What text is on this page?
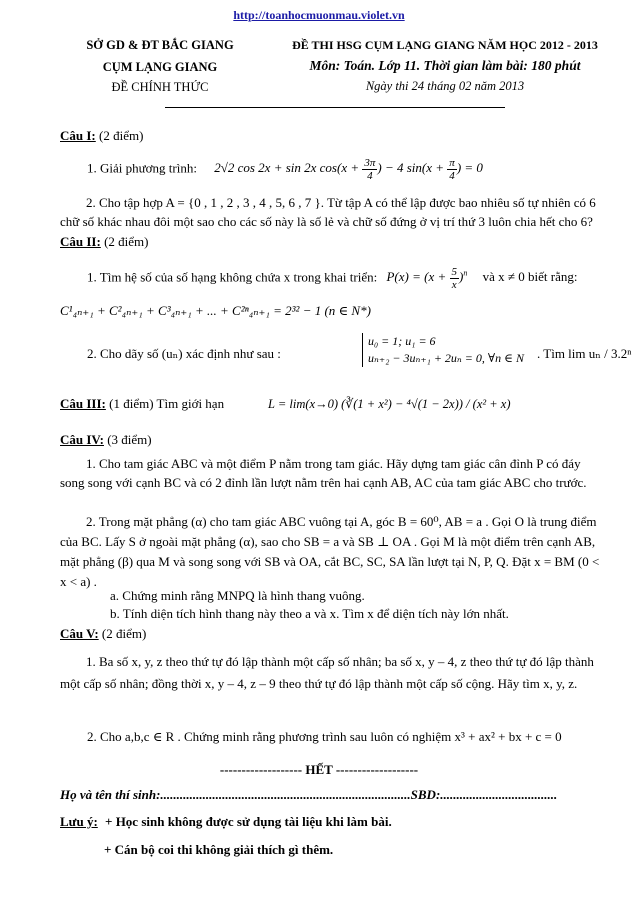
http://toanhocmuonmau.violet.vn
SỞ GD & ĐT BẮC GIANG
CỤM LẠNG GIANG
ĐỀ CHÍNH THỨC
ĐỀ THI HSG CỤM LẠNG GIANG NĂM HỌC 2012 - 2013
Môn: Toán. Lớp 11. Thời gian làm bài: 180 phút
Ngày thi 24 tháng 02 năm 2013
Câu I: (2 điểm)
1. Giải phương trình: 2√2 cos 2x + sin 2x $\cos(x + \frac{3\pi}{4}$ ) − 4 $\sin(x + \frac{\pi}{4}$ ) = 0
2. Cho tập hợp A = {0 , 1 , 2 , 3 , 4 , 5, 6 , 7 }. Từ tập A có thể lập được bao nhiêu số tự nhiên có 6 chữ số khác nhau đôi một sao cho các số này là số lẻ và chữ số đứng ở vị trí thứ 3 luôn chia hết cho 6?
Câu II: (2 điểm)
1. Tìm hệ số của số hạng không chứa x trong khai triển: $P(x) = (x + \frac{5}{x} )^n$ và x ≠ 0 biết rằng:
C¹₄ₙ₊₁ + C²₄ₙ₊₁ + C³₄ₙ₊₁ + ... + C²ⁿ₄ₙ₊₁ = 2³² − 1 (n ∈ N*)
2. Cho dãy số (uₙ) xác định như sau :
u₀ = 1; u₁ = 6
uₙ₊₂ − 3uₙ₊₁ + 2uₙ = 0, ∀n ∈ N . Tìm lim uₙ / 3.2ⁿ
Câu III: (1 điểm) Tìm giới hạn	L = lim(x→0) (∛(1 + x²) − ⁴√(1 − 2x)) / (x² + x)
Câu IV: (3 điểm)
1. Cho tam giác ABC và một điểm P nằm trong tam giác. Hãy dựng tam giác cân đỉnh P có đáy song song với cạnh BC và có 2 đỉnh lần lượt nằm trên hai cạnh AB, AC của tam giác ABC cho trước.
2. Trong mặt phẳng (α) cho tam giác ABC vuông tại A, góc B = 60⁰, AB = a . Gọi O là trung điểm của BC. Lấy S ở ngoài mặt phẳng (α), sao cho SB = a và SB ⊥ OA . Gọi M là một điểm trên cạnh AB, mặt phẳng (β) qua M và song song với SB và OA, cắt BC, SC, SA lần lượt tại N, P, Q. Đặt x = BM (0 < x < a) .
a. Chứng minh rằng MNPQ là hình thang vuông.
b. Tính diện tích hình thang này theo a và x. Tìm x để diện tích này lớn nhất.
Câu V: (2 điểm)
1. Ba số x, y, z theo thứ tự đó lập thành một cấp số nhân; ba số x, y – 4, z theo thứ tự đó lập thành một cấp số nhân; đồng thời x, y – 4, z – 9 theo thứ tự đó lập thành một cấp số cộng. Hãy tìm x, y, z.
2. Cho a,b,c ∈ R . Chứng minh rằng phương trình sau luôn có nghiệm x³ + ax² + bx + c = 0
------------------- HẾT -------------------
Họ và tên thí sinh:.............................................................................SBD:....................................
Lưu ý: + Học sinh không được sử dụng tài liệu khi làm bài.
+ Cán bộ coi thi không giải thích gì thêm.
